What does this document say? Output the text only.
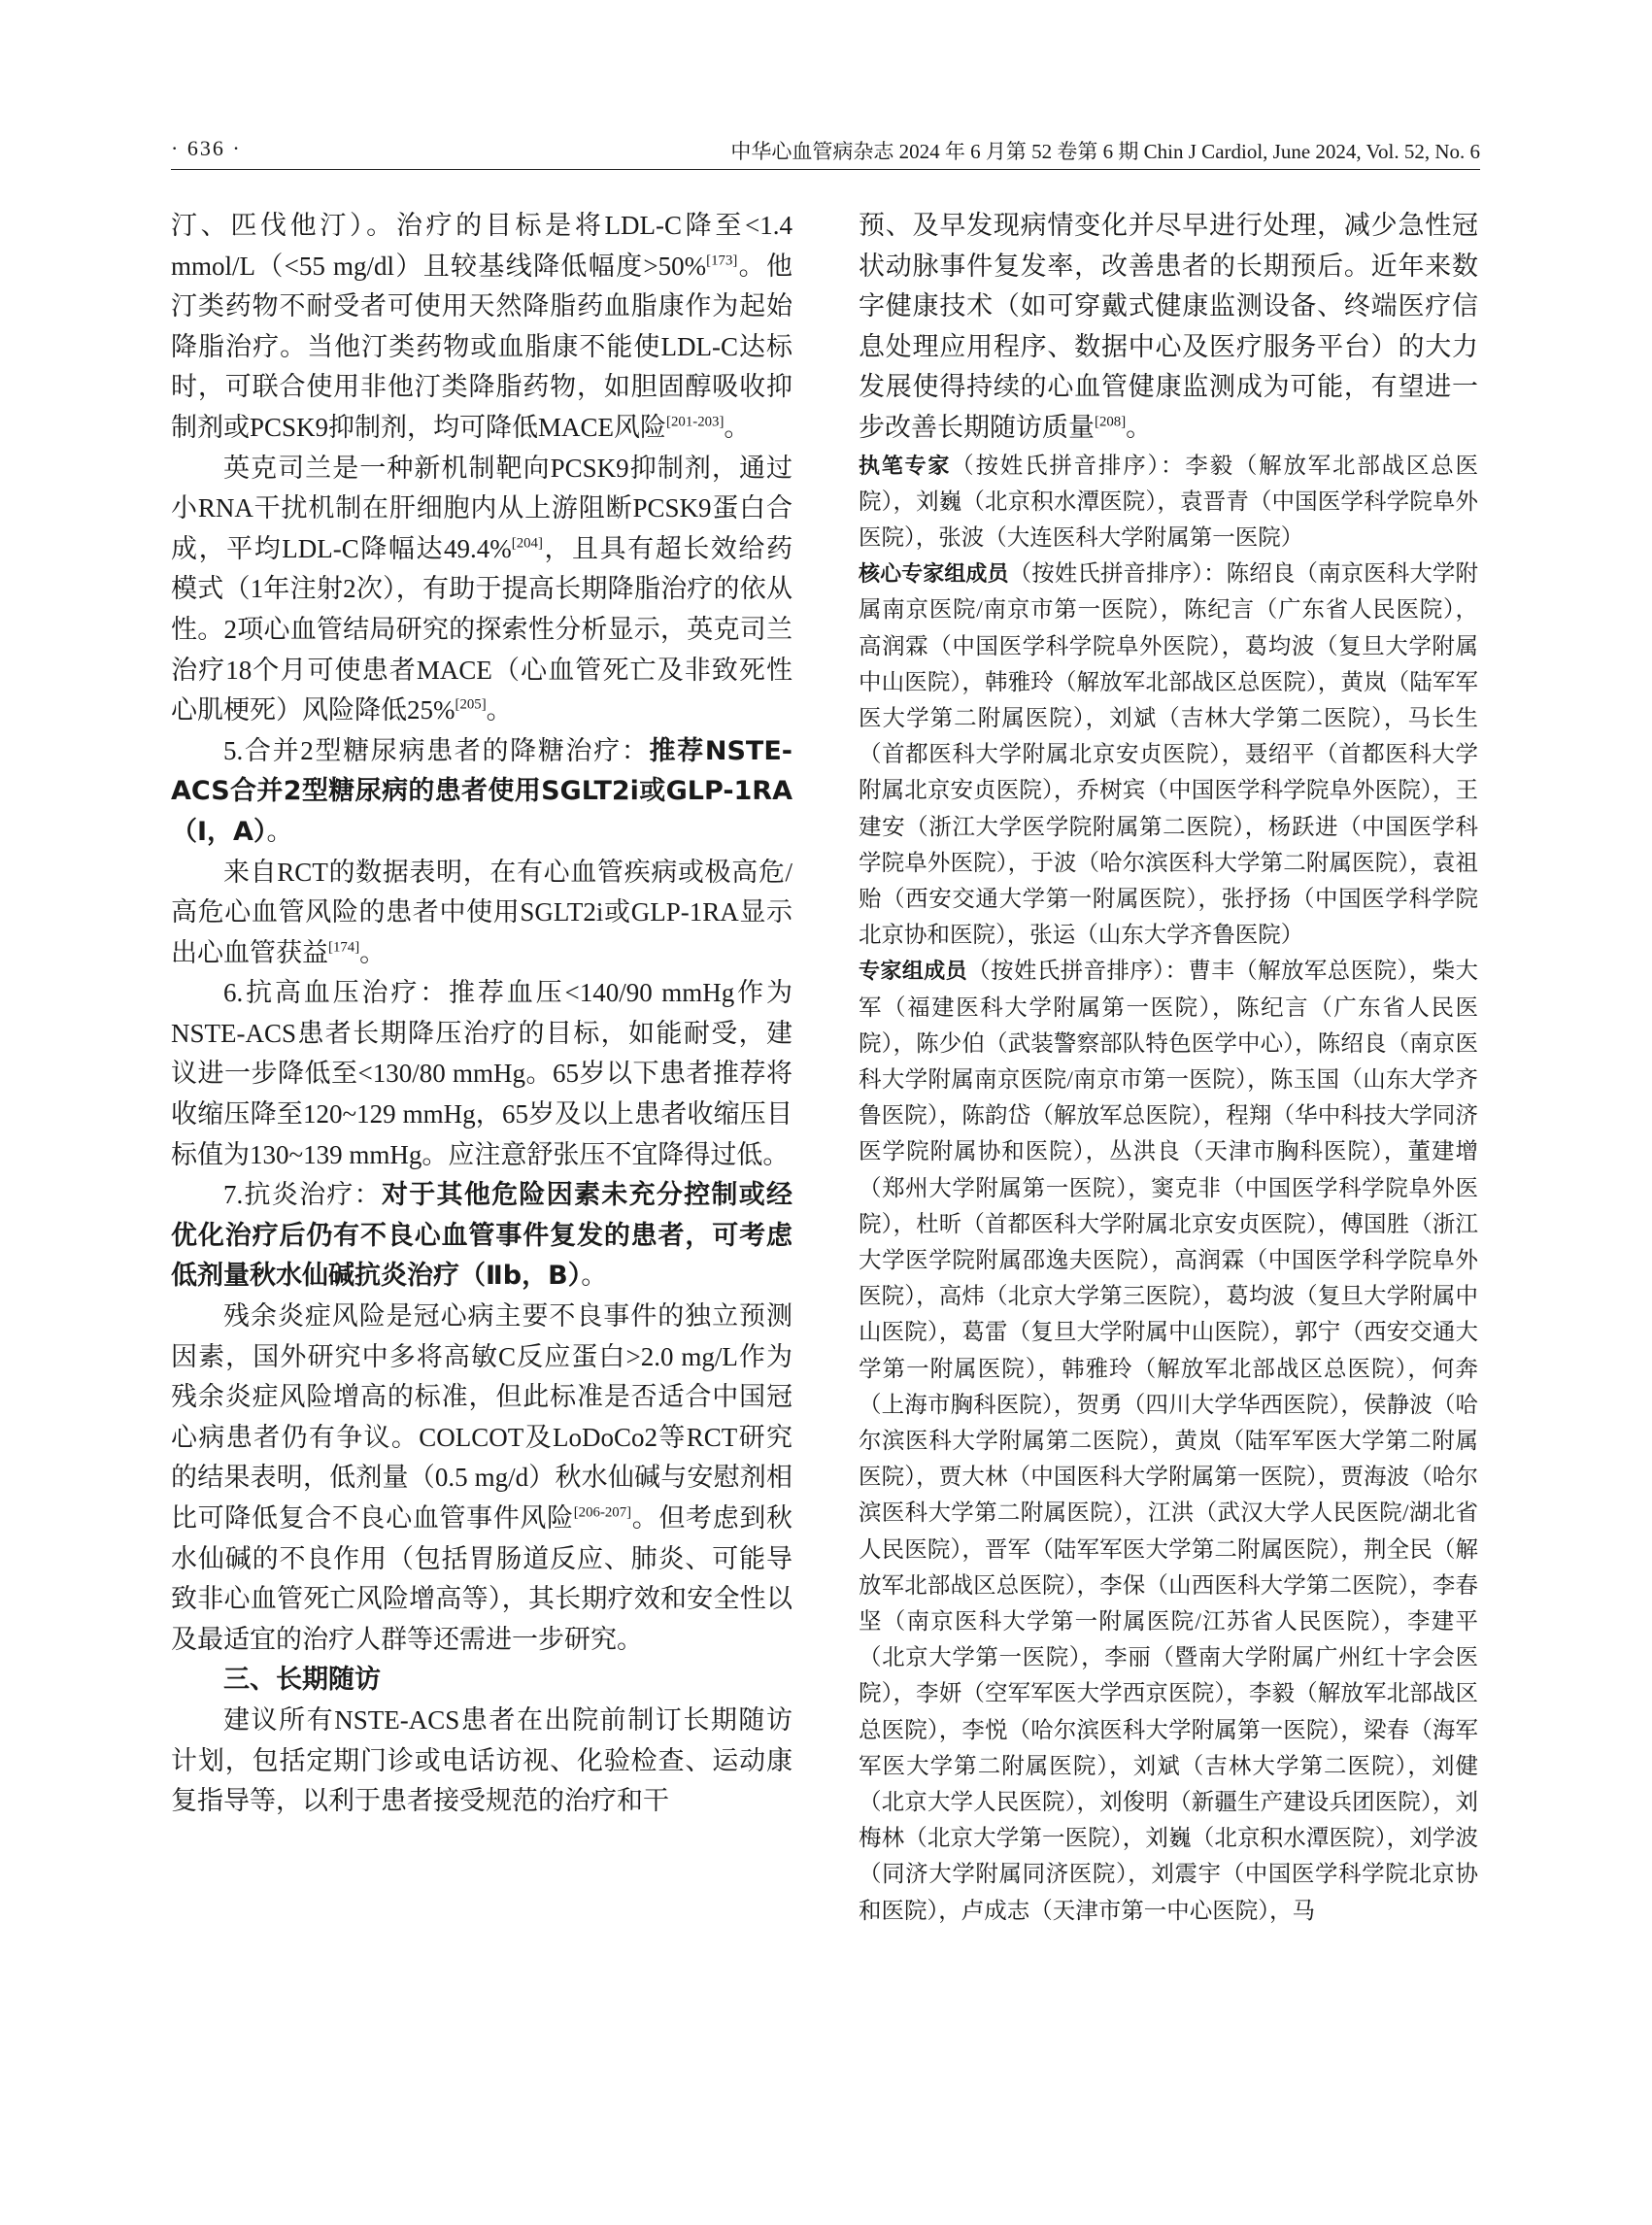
· 636 ·	中华心血管病杂志 2024 年 6 月第 52 卷第 6 期 Chin J Cardiol, June 2024, Vol. 52, No. 6

汀、匹伐他汀）。治疗的目标是将LDL-C降至<1.4 mmol/L（<55 mg/dl）且较基线降低幅度>50%[173]。他汀类药物不耐受者可使用天然降脂药血脂康作为起始降脂治疗。当他汀类药物或血脂康不能使LDL-C达标时，可联合使用非他汀类降脂药物，如胆固醇吸收抑制剂或PCSK9抑制剂，均可降低MACE风险[201-203]。

英克司兰是一种新机制靶向PCSK9抑制剂，通过小RNA干扰机制在肝细胞内从上游阻断PCSK9蛋白合成，平均LDL-C降幅达49.4%[204]，且具有超长效给药模式（1年注射2次），有助于提高长期降脂治疗的依从性。2项心血管结局研究的探索性分析显示，英克司兰治疗18个月可使患者MACE（心血管死亡及非致死性心肌梗死）风险降低25%[205]。

5.合并2型糖尿病患者的降糖治疗：推荐NSTE-ACS合并2型糖尿病的患者使用SGLT2i或GLP-1RA（Ⅰ，A）。

来自RCT的数据表明，在有心血管疾病或极高危/高危心血管风险的患者中使用SGLT2i或GLP-1RA显示出心血管获益[174]。

6.抗高血压治疗：推荐血压<140/90 mmHg作为NSTE-ACS患者长期降压治疗的目标，如能耐受，建议进一步降低至<130/80 mmHg。65岁以下患者推荐将收缩压降至120~129 mmHg，65岁及以上患者收缩压目标值为130~139 mmHg。应注意舒张压不宜降得过低。

7.抗炎治疗：对于其他危险因素未充分控制或经优化治疗后仍有不良心血管事件复发的患者，可考虑低剂量秋水仙碱抗炎治疗（Ⅱb，B）。

残余炎症风险是冠心病主要不良事件的独立预测因素，国外研究中多将高敏C反应蛋白>2.0 mg/L作为残余炎症风险增高的标准，但此标准是否适合中国冠心病患者仍有争议。COLCOT及LoDoCo2等RCT研究的结果表明，低剂量（0.5 mg/d）秋水仙碱与安慰剂相比可降低复合不良心血管事件风险[206-207]。但考虑到秋水仙碱的不良作用（包括胃肠道反应、肺炎、可能导致非心血管死亡风险增高等），其长期疗效和安全性以及最适宜的治疗人群等还需进一步研究。

三、长期随访

建议所有NSTE-ACS患者在出院前制订长期随访计划，包括定期门诊或电话访视、化验检查、运动康复指导等，以利于患者接受规范的治疗和干

预、及早发现病情变化并尽早进行处理，减少急性冠状动脉事件复发率，改善患者的长期预后。近年来数字健康技术（如可穿戴式健康监测设备、终端医疗信息处理应用程序、数据中心及医疗服务平台）的大力发展使得持续的心血管健康监测成为可能，有望进一步改善长期随访质量[208]。

执笔专家（按姓氏拼音排序）：李毅（解放军北部战区总医院），刘巍（北京积水潭医院），袁晋青（中国医学科学院阜外医院），张波（大连医科大学附属第一医院）

核心专家组成员（按姓氏拼音排序）：陈绍良（南京医科大学附属南京医院/南京市第一医院），陈纪言（广东省人民医院），高润霖（中国医学科学院阜外医院），葛均波（复旦大学附属中山医院），韩雅玲（解放军北部战区总医院），黄岚（陆军军医大学第二附属医院），刘斌（吉林大学第二医院），马长生（首都医科大学附属北京安贞医院），聂绍平（首都医科大学附属北京安贞医院），乔树宾（中国医学科学院阜外医院），王建安（浙江大学医学院附属第二医院），杨跃进（中国医学科学院阜外医院），于波（哈尔滨医科大学第二附属医院），袁祖贻（西安交通大学第一附属医院），张抒扬（中国医学科学院北京协和医院），张运（山东大学齐鲁医院）

专家组成员（按姓氏拼音排序）：曹丰（解放军总医院），柴大军（福建医科大学附属第一医院），陈纪言（广东省人民医院），陈少伯（武装警察部队特色医学中心），陈绍良（南京医科大学附属南京医院/南京市第一医院），陈玉国（山东大学齐鲁医院），陈韵岱（解放军总医院），程翔（华中科技大学同济医学院附属协和医院），丛洪良（天津市胸科医院），董建增（郑州大学附属第一医院），窦克非（中国医学科学院阜外医院），杜昕（首都医科大学附属北京安贞医院），傅国胜（浙江大学医学院附属邵逸夫医院），高润霖（中国医学科学院阜外医院），高炜（北京大学第三医院），葛均波（复旦大学附属中山医院），葛雷（复旦大学附属中山医院），郭宁（西安交通大学第一附属医院），韩雅玲（解放军北部战区总医院），何奔（上海市胸科医院），贺勇（四川大学华西医院），侯静波（哈尔滨医科大学附属第二医院），黄岚（陆军军医大学第二附属医院），贾大林（中国医科大学附属第一医院），贾海波（哈尔滨医科大学第二附属医院），江洪（武汉大学人民医院/湖北省人民医院），晋军（陆军军医大学第二附属医院），荆全民（解放军北部战区总医院），李保（山西医科大学第二医院），李春坚（南京医科大学第一附属医院/江苏省人民医院），李建平（北京大学第一医院），李丽（暨南大学附属广州红十字会医院），李妍（空军军医大学西京医院），李毅（解放军北部战区总医院），李悦（哈尔滨医科大学附属第一医院），梁春（海军军医大学第二附属医院），刘斌（吉林大学第二医院），刘健（北京大学人民医院），刘俊明（新疆生产建设兵团医院），刘梅林（北京大学第一医院），刘巍（北京积水潭医院），刘学波（同济大学附属同济医院），刘震宇（中国医学科学院北京协和医院），卢成志（天津市第一中心医院），马
